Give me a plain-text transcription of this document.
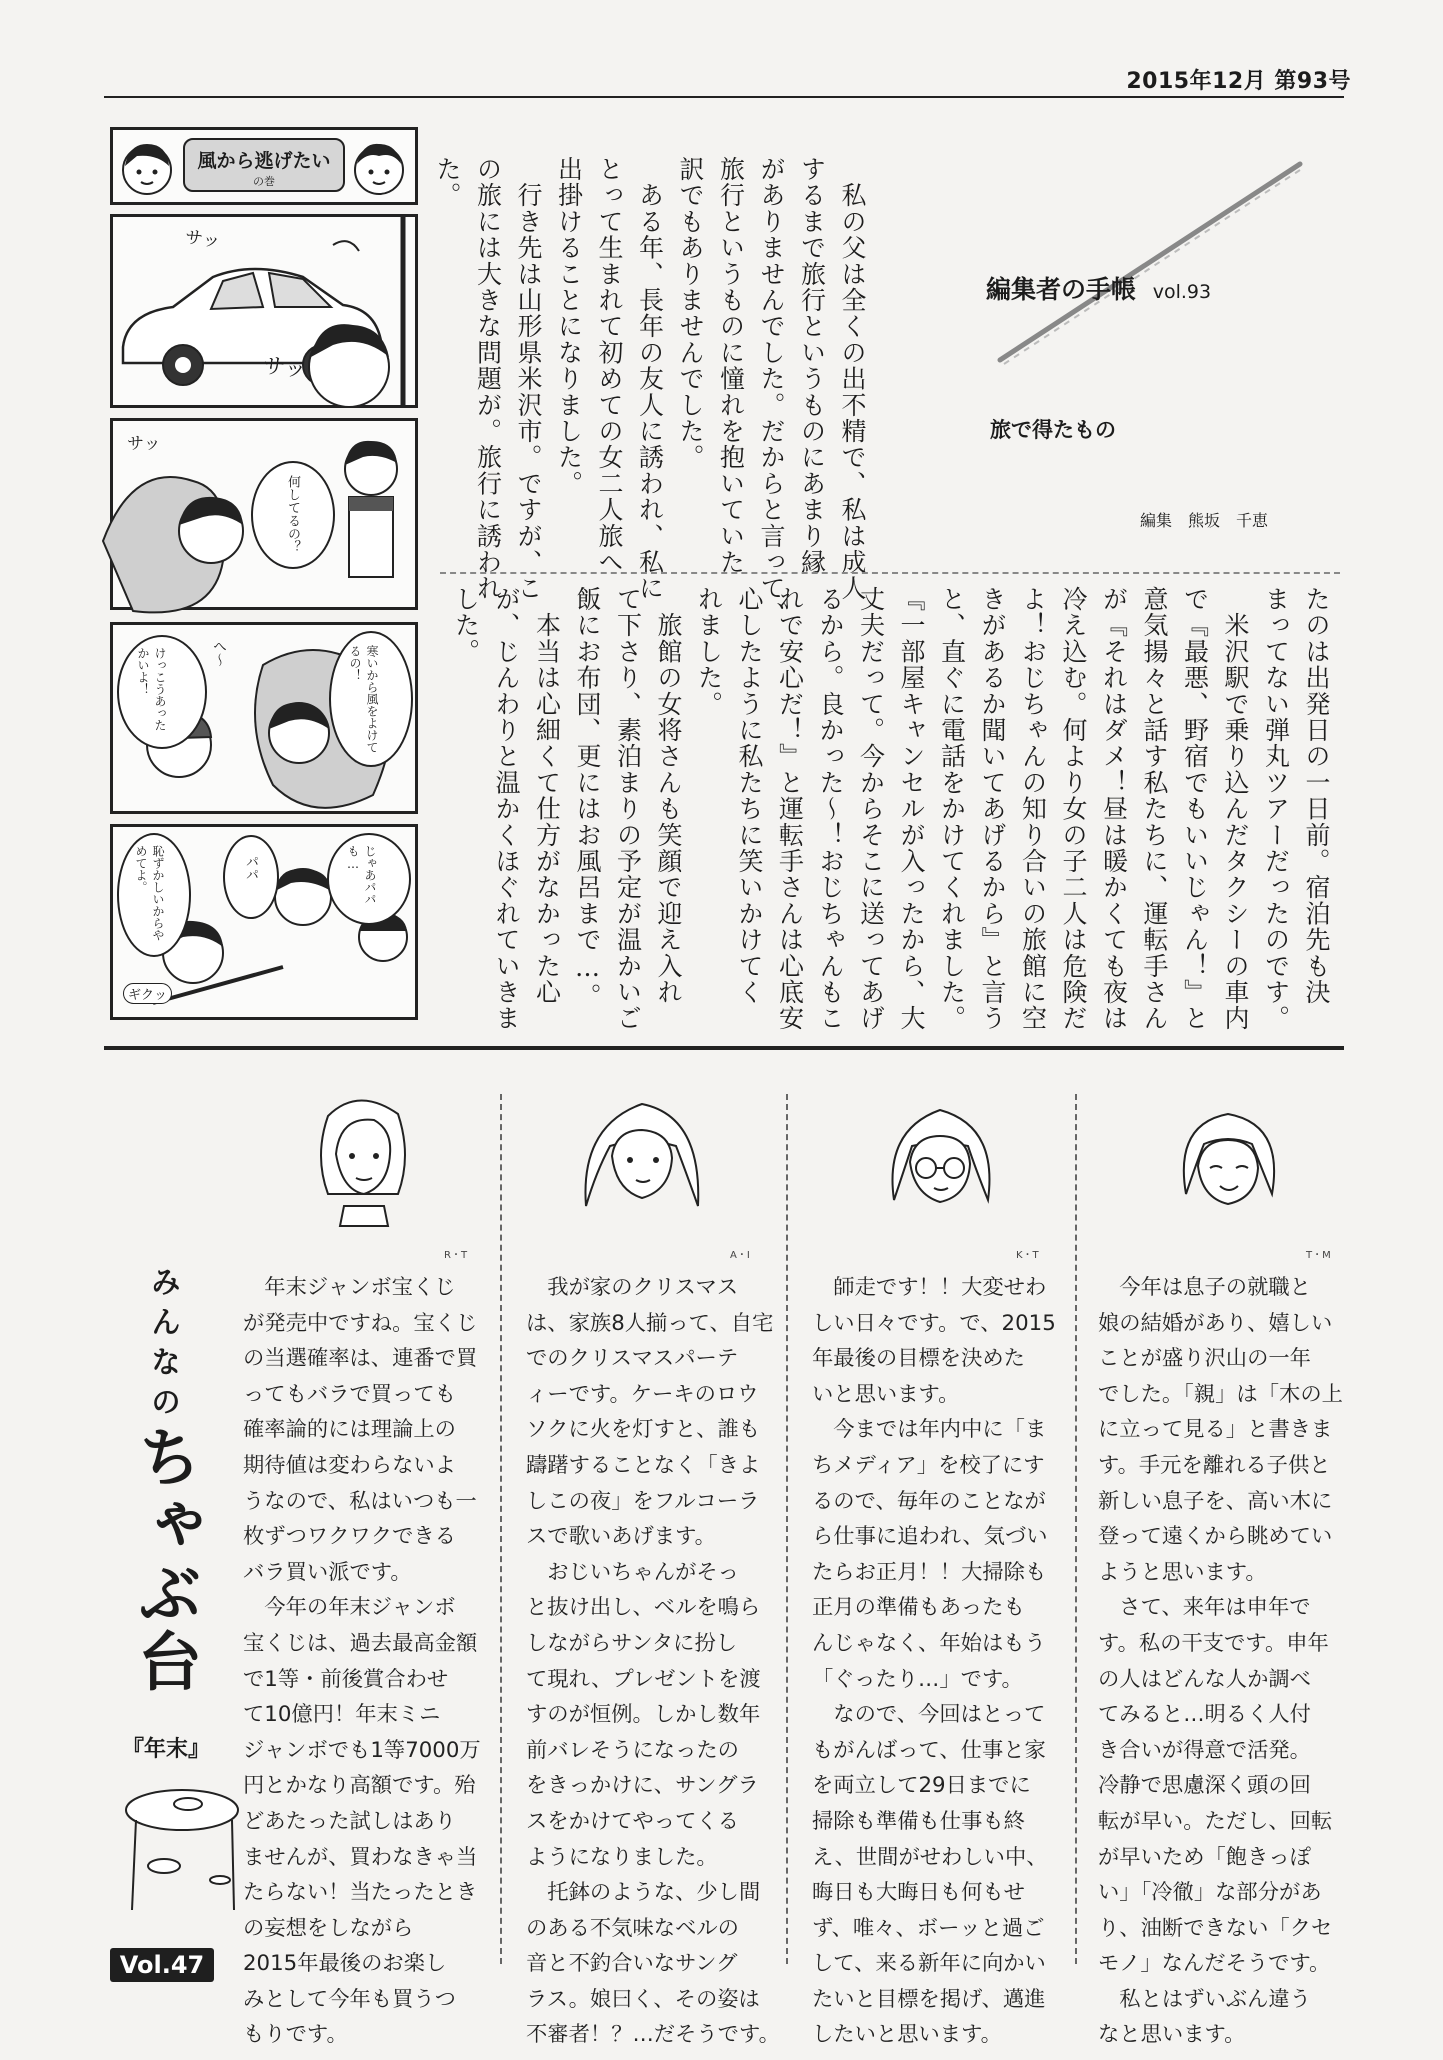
2015年12月 第93号
風から逃げたい
の巻
サッ
サッ
サッ
何してるの？
けっこうあったかいよ！	へ〜	寒いから風をよけてるの！
恥ずかしいからやめてよ。	パパ	じゃあパパも…
ギクッ
　私の父は全くの出不精で、私は成人
するまで旅行というものにあまり縁
がありませんでした。だからと言って、
旅行というものに憧れを抱いていた
訳でもありませんでした。
　ある年、長年の友人に誘われ、私に
とって生まれて初めての女二人旅へ
出掛けることになりました。
　行き先は山形県米沢市。ですが、こ
の旅には大きな問題が。旅行に誘われ
た。
編集者の手帳 vol.93
旅で得たもの
編集　熊坂　千恵
たのは出発日の一日前。宿泊先も決
まってない弾丸ツアーだったのです。
　米沢駅で乗り込んだタクシーの車内
で『最悪、野宿でもいいじゃん！』と
意気揚々と話す私たちに、運転手さん
が『それはダメ！昼は暖かくても夜は
冷え込む。何より女の子二人は危険だ
よ！おじちゃんの知り合いの旅館に空
きがあるか聞いてあげるから』と言う
と、直ぐに電話をかけてくれました。
『一部屋キャンセルが入ったから、大
丈夫だって。今からそこに送ってあげ
るから。良かった〜！おじちゃんもこ
れで安心だ！』と運転手さんは心底安
心したように私たちに笑いかけてく
れました。
　旅館の女将さんも笑顔で迎え入れ
て下さり、素泊まりの予定が温かいご
飯にお布団、更にはお風呂まで…。
　本当は心細くて仕方がなかった心
が、じんわりと温かくほぐれていきま
した。
みんなの
ちゃぶ台
『年末』
Vol.47
R・T
　年末ジャンボ宝くじ
が発売中ですね。宝くじ
の当選確率は、連番で買
ってもバラで買っても
確率論的には理論上の
期待値は変わらないよ
うなので、私はいつも一
枚ずつワクワクできる
バラ買い派です。
　今年の年末ジャンボ
宝くじは、過去最高金額
で1等・前後賞合わせ
て10億円！年末ミニ
ジャンボでも1等7000万
円とかなり高額です。殆
どあたった試しはあり
ませんが、買わなきゃ当
たらない！当たったとき
の妄想をしながら
2015年最後のお楽し
みとして今年も買うつ
もりです。
A・I
　我が家のクリスマス
は、家族8人揃って、自宅
でのクリスマスパーテ
ィーです。ケーキのロウ
ソクに火を灯すと、誰も
躊躇することなく「きよ
しこの夜」をフルコーラ
スで歌いあげます。
　おじいちゃんがそっ
と抜け出し、ベルを鳴ら
しながらサンタに扮し
て現れ、プレゼントを渡
すのが恒例。しかし数年
前バレそうになったの
をきっかけに、サングラ
スをかけてやってくる
ようになりました。
　托鉢のような、少し間
のある不気味なベルの
音と不釣合いなサング
ラス。娘曰く、その姿は
不審者！？…だそうです。
K・T
　師走です！！大変せわ
しい日々です。で、2015
年最後の目標を決めた
いと思います。
　今までは年内中に「ま
ちメディア」を校了にす
るので、毎年のことなが
ら仕事に追われ、気づい
たらお正月！！大掃除も
正月の準備もあったも
んじゃなく、年始はもう
「ぐったり…」です。
　なので、今回はとって
もがんばって、仕事と家
を両立して29日までに
掃除も準備も仕事も終
え、世間がせわしい中、
晦日も大晦日も何もせ
ず、唯々、ボーッと過ご
して、来る新年に向かい
たいと目標を掲げ、邁進
したいと思います。
T・M
　今年は息子の就職と
娘の結婚があり、嬉しい
ことが盛り沢山の一年
でした。「親」は「木の上
に立って見る」と書きま
す。手元を離れる子供と
新しい息子を、高い木に
登って遠くから眺めてい
ようと思います。
　さて、来年は申年で
す。私の干支です。申年
の人はどんな人か調べ
てみると…明るく人付
き合いが得意で活発。
冷静で思慮深く頭の回
転が早い。ただし、回転
が早いため「飽きっぽ
い」「冷徹」な部分があ
り、油断できない「クセ
モノ」なんだそうです。
　私とはずいぶん違う
なと思います。
